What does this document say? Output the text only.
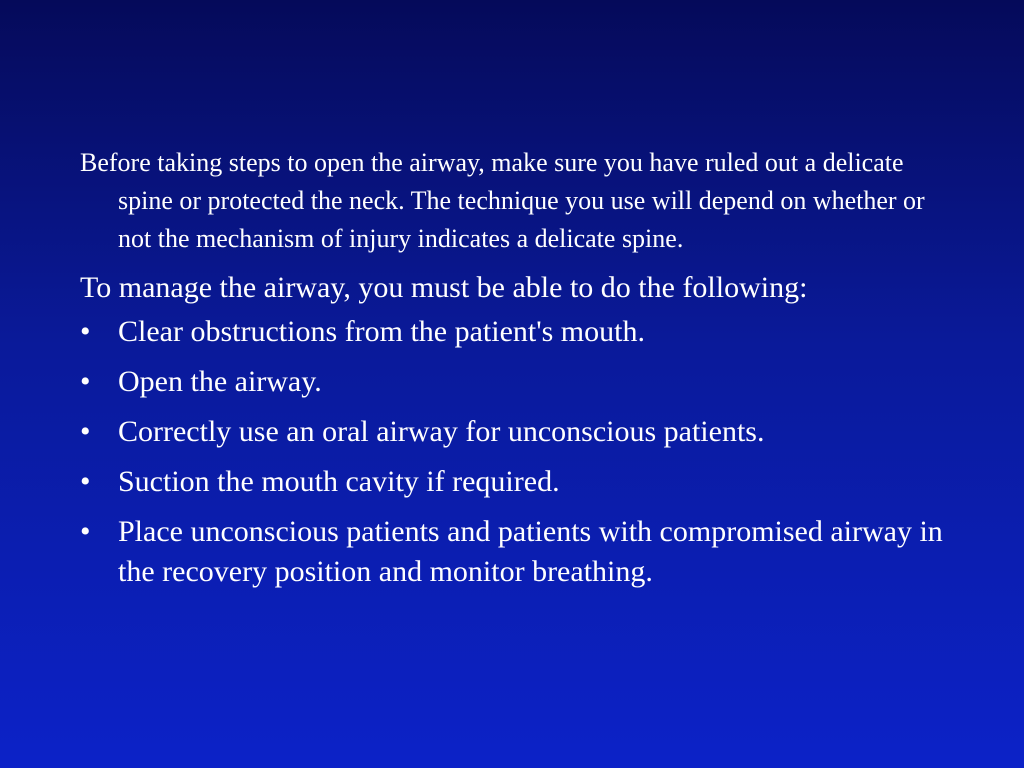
Before taking steps to open the airway, make sure you have ruled out a delicate spine or protected the neck. The technique you use will depend on whether or not the mechanism of injury indicates a delicate spine.

To manage the airway, you must be able to do the following:

• Clear obstructions from the patient's mouth.
• Open the airway.
• Correctly use an oral airway for unconscious patients.
• Suction the mouth cavity if required.
• Place unconscious patients and patients with compromised airway in the recovery position and monitor breathing.
